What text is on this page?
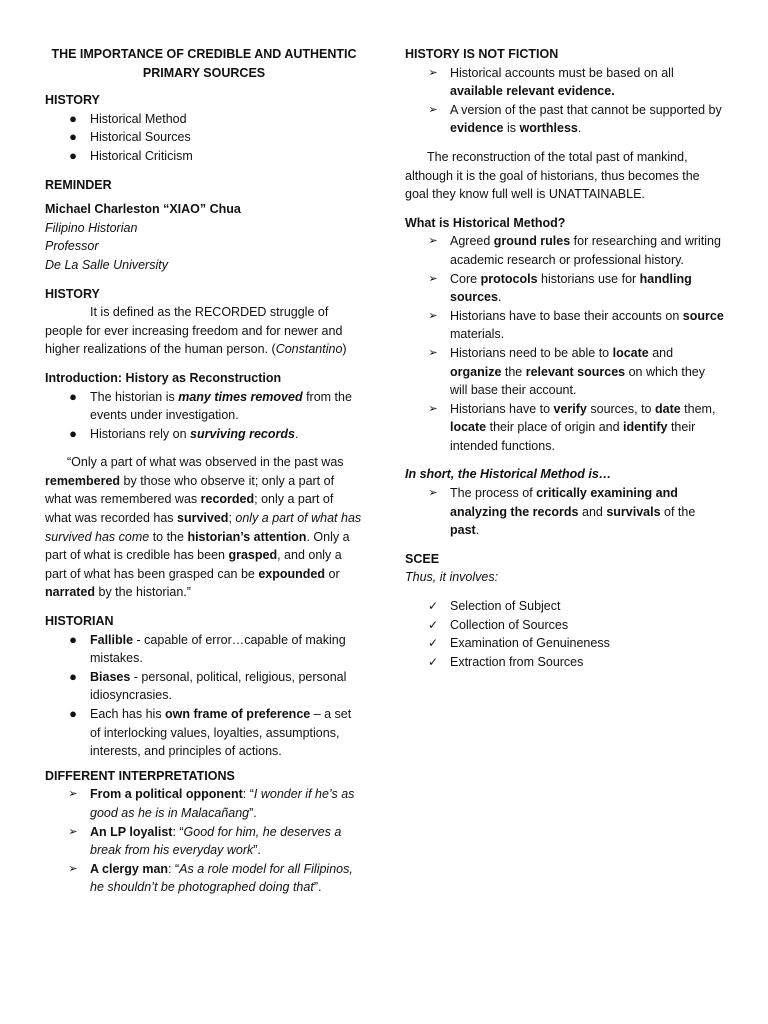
THE IMPORTANCE OF CREDIBLE AND AUTHENTIC PRIMARY SOURCES

HISTORY

●	Historical Method
●	Historical Sources
●	Historical Criticism

REMINDER

Michael Charleston “XIAO” Chua

Filipino Historian

Professor

De La Salle University

HISTORY

It is defined as the RECORDED struggle of people for ever increasing freedom and for newer and higher realizations of the human person. (Constantino)

Introduction: History as Reconstruction

●	The historian is many times removed from the events under investigation.
●	Historians rely on surviving records.

“Only a part of what was observed in the past was remembered by those who observe it; only a part of what was remembered was recorded; only a part of what was recorded has survived; only a part of what has survived has come to the historian’s attention. Only a part of what is credible has been grasped, and only a part of what has been grasped can be expounded or narrated by the historian.”

HISTORIAN

●	Fallible - capable of error…capable of making mistakes.
●	Biases - personal, political, religious, personal idiosyncrasies.
●	Each has his own frame of preference – a set of interlocking values, loyalties, assumptions, interests, and principles of actions.

DIFFERENT INTERPRETATIONS

➢ From a political opponent: “I wonder if he’s as good as he is in Malacañang”.
➢ An LP loyalist: “Good for him, he deserves a break from his everyday work”.
➢ A clergy man: “As a role model for all Filipinos, he shouldn’t be photographed doing that”.

HISTORY IS NOT FICTION

➢ Historical accounts must be based on all available relevant evidence.
➢ A version of the past that cannot be supported by evidence is worthless.

The reconstruction of the total past of mankind, although it is the goal of historians, thus becomes the goal they know full well is UNATTAINABLE.

What is Historical Method?

➢ Agreed ground rules for researching and writing academic research or professional history.
➢ Core protocols historians use for handling sources.
➢ Historians have to base their accounts on source materials.
➢ Historians need to be able to locate and organize the relevant sources on which they will base their account.
➢ Historians have to verify sources, to date them, locate their place of origin and identify their intended functions.

In short, the Historical Method is…

➢ The process of critically examining and analyzing the records and survivals of the past.

SCEE

Thus, it involves:

✓ Selection of Subject
✓ Collection of Sources
✓ Examination of Genuineness
✓ Extraction from Sources
